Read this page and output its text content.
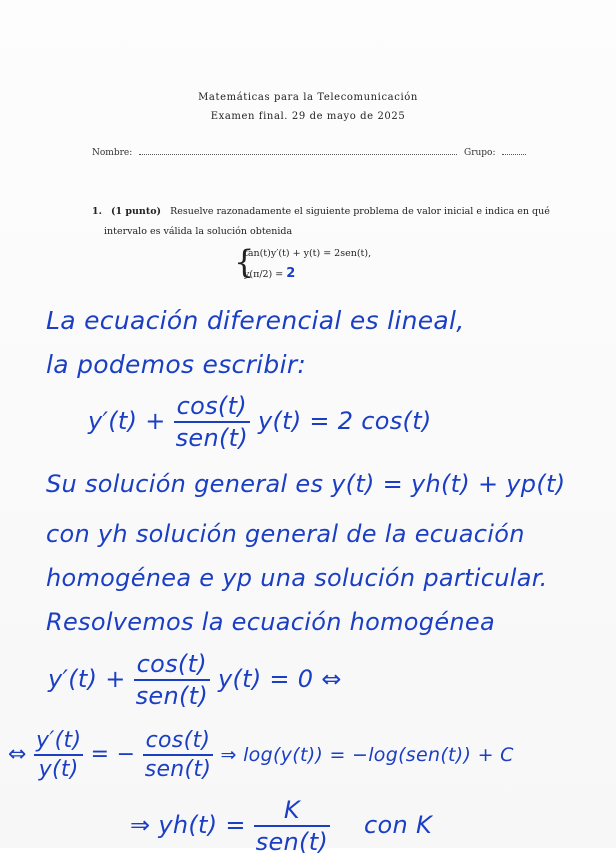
Matemáticas para la Telecomunicación
Examen final. 29 de mayo de 2025
Nombre:	Grupo:
1. (1 punto) Resuelve razonadamente el siguiente problema de valor inicial e indica en qué
intervalo es válida la solución obtenida
{
tan(t)y′(t) + y(t) = 2sen(t),
y(π/2) = 2
La ecuación diferencial es lineal,
la podemos escribir:
$y'(t) + \frac{\cos(t)}{\text{sen(t)}} y(t) = 2$ cos(t)
Su solución general es y(t) = yh(t) + yp(t)
con yh solución general de la ecuación
homogénea e yp una solución particular.
Resolvemos la ecuación homogénea
$y'(t) + \frac{\cos(t)}{\text{sen(t)}} y(t) = 0$ ⇔
⇔ $\frac{y'(t)}{y(t)}$ = − $\frac{\cos(t)}{\text{sen(t)}}$ ⇒ log(y(t)) = −log(sen(t)) + C
⇒ $yh(t) = \frac{K}{\text{sen(t)}}$ con K
